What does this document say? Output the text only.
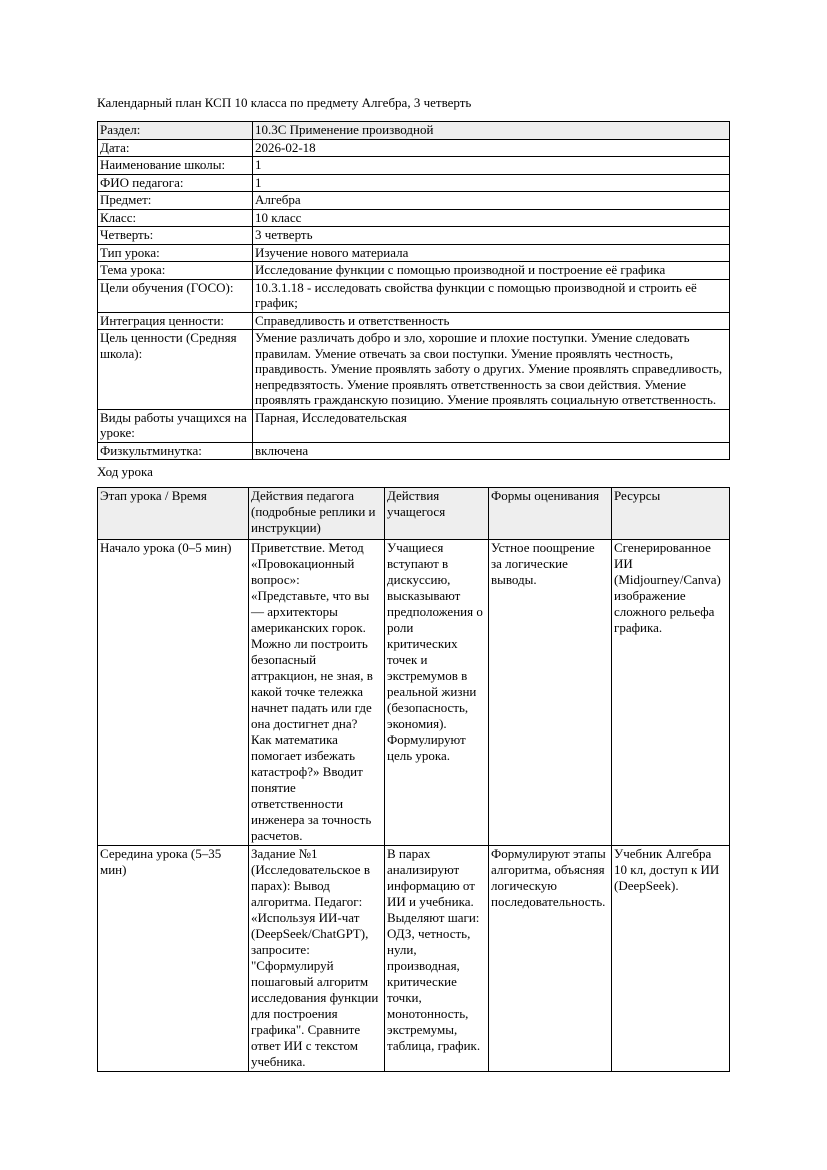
Календарный план КСП 10 класса по предмету Алгебра, 3 четверть
Раздел:	10.3C Применение производной
Дата:	2026-02-18
Наименование школы:	1
ФИО педагога:	1
Предмет:	Алгебра
Класс:	10 класс
Четверть:	3 четверть
Тип урока:	Изучение нового материала
Тема урока:	Исследование функции с помощью производной и построение её графика
Цели обучения (ГОСО):	10.3.1.18 - исследовать свойства функции с помощью производной и строить её график;
Интеграция ценности:	Справедливость и ответственность
Цель ценности (Средняя школа):	Умение различать добро и зло, хорошие и плохие поступки. Умение следовать правилам. Умение отвечать за свои поступки. Умение проявлять честность, правдивость. Умение проявлять заботу о других. Умение проявлять справедливость, непредвзятость. Умение проявлять ответственность за свои действия. Умение проявлять гражданскую позицию. Умение проявлять социальную ответственность.
Виды работы учащихся на уроке:	Парная, Исследовательская
Физкультминутка:	включена
Ход урока
Этап урока / Время	Действия педагога (подробные реплики и инструкции)	Действия учащегося	Формы оценивания	Ресурсы
Начало урока (0–5 мин)	Приветствие. Метод «Провокационный вопрос»: «Представьте, что вы — архитекторы американских горок. Можно ли построить безопасный аттракцион, не зная, в какой точке тележка начнет падать или где она достигнет дна? Как математика помогает избежать катастроф?» Вводит понятие ответственности инженера за точность расчетов.	Учащиеся вступают в дискуссию, высказывают предположения о роли критических точек и экстремумов в реальной жизни (безопасность, экономия). Формулируют цель урока.	Устное поощрение за логические выводы.	Сгенерированное ИИ (Midjourney/Canva) изображение сложного рельефа графика.
Середина урока (5–35 мин)	Задание №1 (Исследовательское в парах): Вывод алгоритма. Педагог: «Используя ИИ-чат (DeepSeek/ChatGPT), запросите: "Сформулируй пошаговый алгоритм исследования функции для построения графика". Сравните ответ ИИ с текстом учебника.	В парах анализируют информацию от ИИ и учебника. Выделяют шаги: ОДЗ, четность, нули, производная, критические точки, монотонность, экстремумы, таблица, график.	Формулируют этапы алгоритма, объясняя логическую последовательность.	Учебник Алгебра 10 кл, доступ к ИИ (DeepSeek).
